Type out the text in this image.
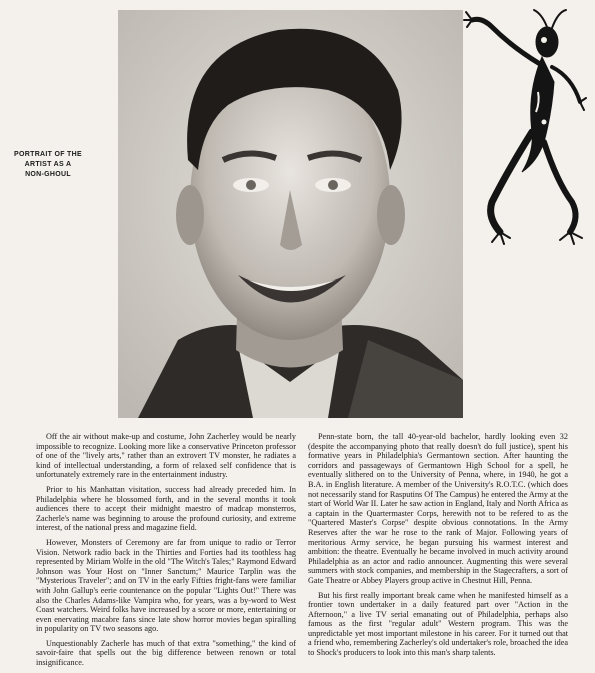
PORTRAIT OF THE
ARTIST AS A
NON-GHOUL

Off the air without make-up and costume, John Zacherley would be nearly impossible to recognize. Looking more like a conservative Princeton professor of one of the "lively arts," rather than an extrovert TV monster, he radiates a kind of intellectual understanding, a form of relaxed self confidence that is unfortunately extremely rare in the entertainment industry.

Prior to his Manhattan visitation, success had already preceded him. In Philadelphia where he blossomed forth, and in the several months it took audiences there to accept their midnight maestro of madcap monsterros, Zacherle's name was beginning to arouse the profound curiosity, and extreme interest, of the national press and magazine field.

However, Monsters of Ceremony are far from unique to radio or Terror Vision. Network radio back in the Thirties and Forties had its toothless hag represented by Miriam Wolfe in the old "The Witch's Tales;" Raymond Edward Johnson was Your Host on "Inner Sanctum;" Maurice Tarplin was the "Mysterious Traveler"; and on TV in the early Fifties fright-fans were familiar with John Gallup's eerie countenance on the popular "Lights Out!" There was also the Charles Adams-like Vampira who, for years, was a by-word to West Coast watchers. Weird folks have increased by a score or more, entertaining or even enervating macabre fans since late show horror movies began spiralling in popularity on TV two seasons ago.

Unquestionably Zacherle has much of that extra "something," the kind of savoir-faire that spells out the big difference between renown or total insignificance.

Penn-state born, the tall 40-year-old bachelor, hardly looking even 32 (despite the accompanying photo that really doesn't do full justice), spent his formative years in Philadelphia's Germantown section. After haunting the corridors and passageways of Germantown High School for a spell, he eventually slithered on to the University of Penna, where, in 1940, he got a B.A. in English literature. A member of the University's R.O.T.C. (which does not necessarily stand for Rasputins Of The Campus) he entered the Army at the start of World War II. Later he saw action in England, Italy and North Africa as a captain in the Quartermaster Corps, herewith not to be refered to as the "Quartered Master's Corpse" despite obvious connotations. In the Army Reserves after the war he rose to the rank of Major. Following years of meritorious Army service, he began pursuing his warmest interest and ambition: the theatre. Eventually he became involved in much activity around Philadelphia as an actor and radio announcer. Augmenting this were several summers with stock companies, and membership in the Stagecrafters, a sort of Gate Theatre or Abbey Players group active in Chestnut Hill, Penna.

But his first really important break came when he manifested himself as a frontier town undertaker in a daily featured part over "Action in the Afternoon," a live TV serial emanating out of Philadelphia, perhaps also famous as the first "regular adult" Western program. This was the unpredictable yet most important milestone in his career. For it turned out that a friend who, remembering Zacherley's old undertaker's role, broached the idea to Shock's producers to look into this man's sharp talents.
